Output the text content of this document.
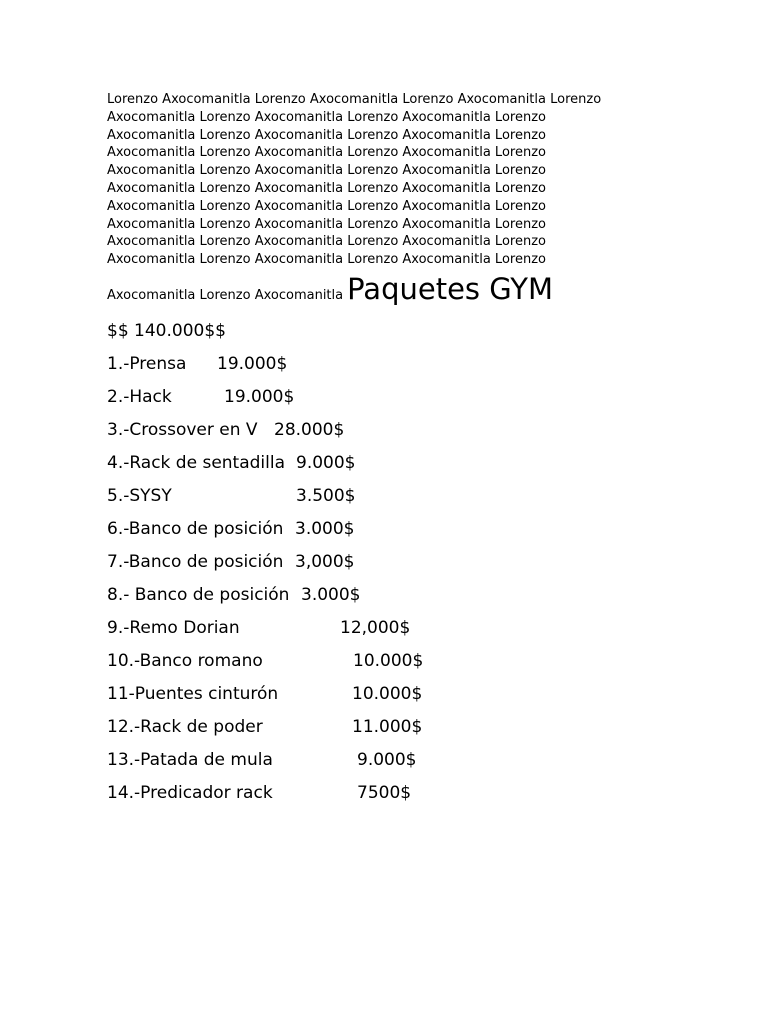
Lorenzo Axocomanitla Lorenzo Axocomanitla Lorenzo Axocomanitla Lorenzo
Axocomanitla Lorenzo Axocomanitla Lorenzo Axocomanitla Lorenzo
Axocomanitla Lorenzo Axocomanitla Lorenzo Axocomanitla Lorenzo
Axocomanitla Lorenzo Axocomanitla Lorenzo Axocomanitla Lorenzo
Axocomanitla Lorenzo Axocomanitla Lorenzo Axocomanitla Lorenzo
Axocomanitla Lorenzo Axocomanitla Lorenzo Axocomanitla Lorenzo
Axocomanitla Lorenzo Axocomanitla Lorenzo Axocomanitla Lorenzo
Axocomanitla Lorenzo Axocomanitla Lorenzo Axocomanitla Lorenzo
Axocomanitla Lorenzo Axocomanitla Lorenzo Axocomanitla Lorenzo
Axocomanitla Lorenzo Axocomanitla Lorenzo Axocomanitla Lorenzo
Axocomanitla Lorenzo Axocomanitla Paquetes GYM
$$ 140.000$$
1.-Prensa 19.000$
2.-Hack	19.000$
3.-Crossover en V 28.000$
4.-Rack de sentadilla 9.000$
5.-SYSY	3.500$
6.-Banco de posición 3.000$
7.-Banco de posición 3,000$
8.- Banco de posición 3.000$
9.-Remo Dorian	12,000$
10.-Banco romano	10.000$
11-Puentes cinturón	10.000$
12.-Rack de poder	11.000$
13.-Patada de mula	9.000$
14.-Predicador rack	7500$
